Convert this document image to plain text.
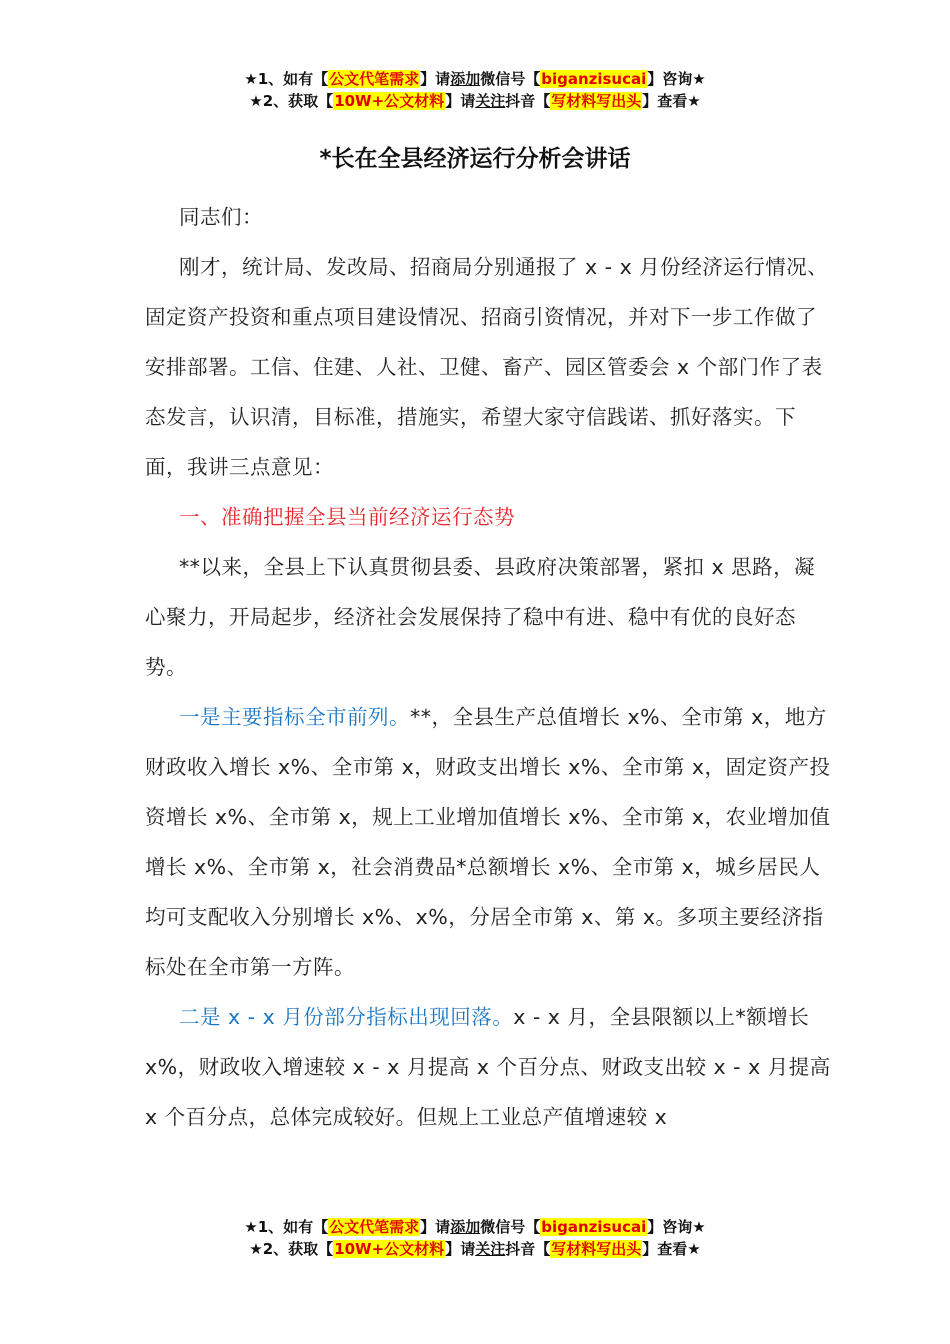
★1、如有【公文代笔需求】请添加微信号【biganzisucai】咨询★
★2、获取【10W+公文材料】请关注抖音【写材料写出头】查看★
*长在全县经济运行分析会讲话

同志们：

刚才，统计局、发改局、招商局分别通报了 x - x 月份经济运行情况、固定资产投资和重点项目建设情况、招商引资情况，并对下一步工作做了安排部署。工信、住建、人社、卫健、畜产、园区管委会 x 个部门作了表态发言，认识清，目标准，措施实，希望大家守信践诺、抓好落实。下面，我讲三点意见：

一、准确把握全县当前经济运行态势

**以来，全县上下认真贯彻县委、县政府决策部署，紧扣 x 思路，凝心聚力，开局起步，经济社会发展保持了稳中有进、稳中有优的良好态势。

一是主要指标全市前列。**，全县生产总值增长 x%、全市第 x，地方财政收入增长 x%、全市第 x，财政支出增长 x%、全市第 x，固定资产投资增长 x%、全市第 x，规上工业增加值增长 x%、全市第 x，农业增加值增长 x%、全市第 x，社会消费品*总额增长 x%、全市第 x，城乡居民人均可支配收入分别增长 x%、x%，分居全市第 x、第 x。多项主要经济指标处在全市第一方阵。

二是 x - x 月份部分指标出现回落。x - x 月，全县限额以上*额增长 x%，财政收入增速较 x - x 月提高 x 个百分点、财政支出较 x - x 月提高 x 个百分点，总体完成较好。但规上工业总产值增速较 x

★1、如有【公文代笔需求】请添加微信号【biganzisucai】咨询★
★2、获取【10W+公文材料】请关注抖音【写材料写出头】查看★
